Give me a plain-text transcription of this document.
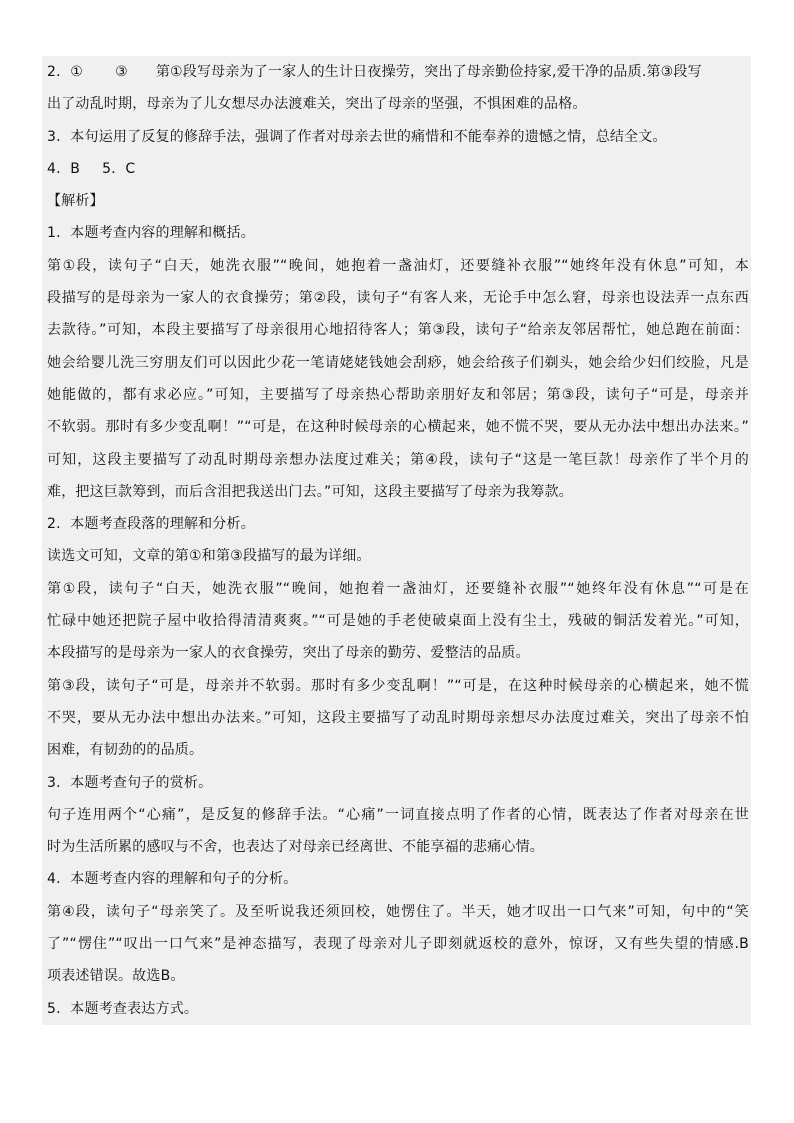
2．① ③ 第①段写母亲为了一家人的生计日夜操劳，突出了母亲勤俭持家,爱干净的品质.第③段写
出了动乱时期，母亲为了儿女想尽办法渡难关，突出了母亲的坚强，不惧困难的品格。
3．本句运用了反复的修辞手法，强调了作者对母亲去世的痛惜和不能奉养的遗憾之情，总结全文。
4．B 5．C
【解析】
1．本题考查内容的理解和概括。
第①段，读句子“白天，她洗衣服”“晚间，她抱着一盏油灯，还要缝补衣服”“她终年没有休息”可知，本
段描写的是母亲为一家人的衣食操劳；第②段，读句子“有客人来，无论手中怎么窘，母亲也设法弄一点东西
去款待。”可知，本段主要描写了母亲很用心地招待客人；第③段，读句子“给亲友邻居帮忙，她总跑在前面：
她会给婴儿洗三穷朋友们可以因此少花一笔请姥姥钱她会刮痧，她会给孩子们剃头，她会给少妇们绞脸，凡是
她能做的，都有求必应。”可知，主要描写了母亲热心帮助亲朋好友和邻居；第③段，读句子“可是，母亲并
不软弱。那时有多少变乱啊！”“可是，在这种时候母亲的心横起来，她不慌不哭，要从无办法中想出办法来。”
可知，这段主要描写了动乱时期母亲想办法度过难关；第④段，读句子“这是一笔巨款！母亲作了半个月的
难，把这巨款筹到，而后含泪把我送出门去。”可知，这段主要描写了母亲为我筹款。
2．本题考查段落的理解和分析。
读选文可知，文章的第①和第③段描写的最为详细。
第①段，读句子“白天，她洗衣服”“晚间，她抱着一盏油灯，还要缝补衣服”“她终年没有休息”“可是在
忙碌中她还把院子屋中收拾得清清爽爽。”“可是她的手老使破桌面上没有尘土，残破的铜活发着光。”可知，
本段描写的是母亲为一家人的衣食操劳，突出了母亲的勤劳、爱整洁的品质。
第③段，读句子“可是，母亲并不软弱。那时有多少变乱啊！”“可是，在这种时候母亲的心横起来，她不慌
不哭，要从无办法中想出办法来。”可知，这段主要描写了动乱时期母亲想尽办法度过难关，突出了母亲不怕
困难，有韧劲的的品质。
3．本题考查句子的赏析。
句子连用两个“心痛”，是反复的修辞手法。“心痛”一词直接点明了作者的心情，既表达了作者对母亲在世
时为生活所累的感叹与不舍，也表达了对母亲已经离世、不能享福的悲痛心情。
4．本题考查内容的理解和句子的分析。
第④段，读句子“母亲笑了。及至听说我还须回校，她愣住了。半天，她才叹出一口气来”可知，句中的“笑
了”“愣住”“叹出一口气来”是神态描写，表现了母亲对儿子即刻就返校的意外，惊讶，又有些失望的情感.B
项表述错误。故选B。
5．本题考查表达方式。
